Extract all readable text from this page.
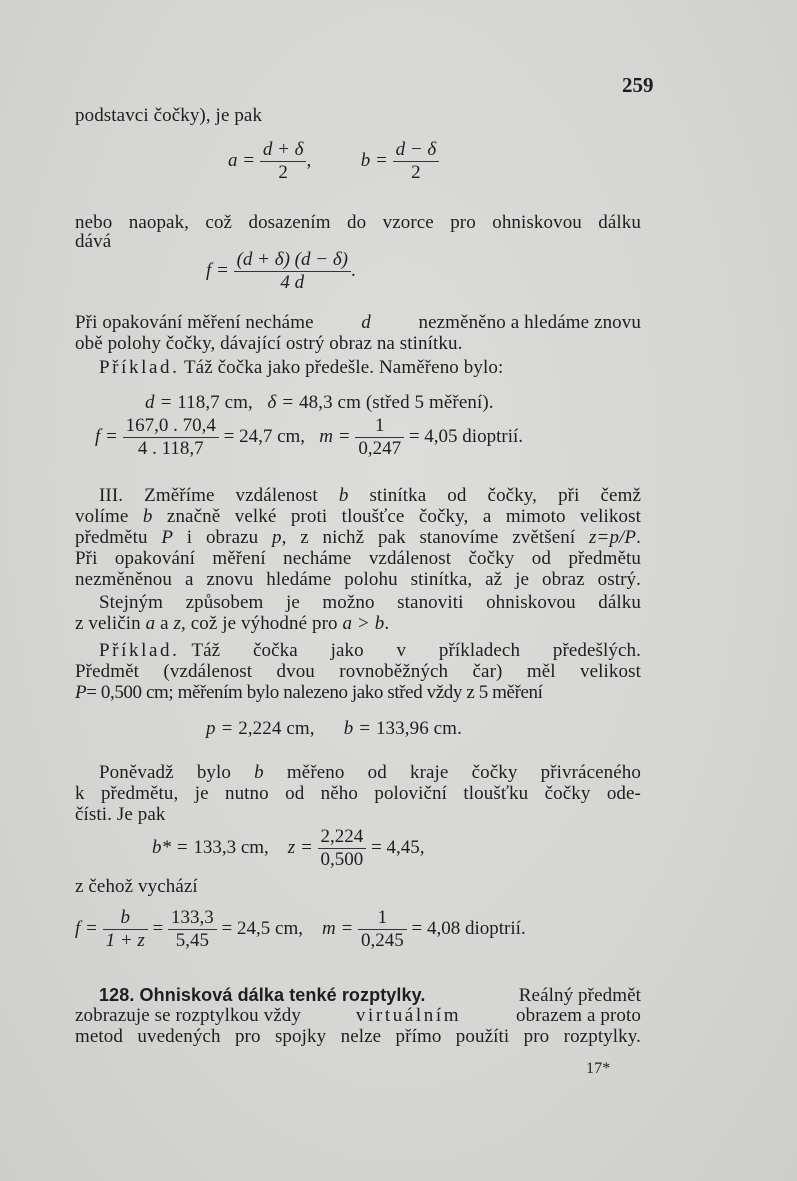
259
podstavci čočky), je pak
$a = \frac{d + \delta}{2}$ ,	$b = \frac{d - \delta}{2}$
nebo naopak, což dosazením do vzorce pro ohniskovou dálku
dává
$f = \frac{(d + \delta) (d - \delta)}{4 d}$ .
Při opakování měření necháme	d	nezměněno a hledáme znovu
obě polohy čočky, dávající ostrý obraz na stinítku.
Příklad. Táž čočka jako předešle. Naměřeno bylo:
d = 118,7 cm, δ = 48,3 cm (střed 5 měření).
$f = \frac{167,0 . 70,4}{4 . 118,7} = 24,7$ cm, $m = \frac{1}{0,247} = 4,05$ dioptrií.
III. Změříme vzdálenost b stinítka od čočky, při čemž
volíme b značně velké proti tloušťce čočky, a mimoto velikost
předmětu P i obrazu p, z nichž pak stanovíme zvětšení z=p/P.
Při opakování měření necháme vzdálenost čočky od předmětu
nezměněnou a znovu hledáme polohu stinítka, až je obraz ostrý.
Stejným způsobem je možno stanoviti ohniskovou dálku
z veličin a a z, což je výhodné pro a > b.
Příklad. Táž čočka jako v příkladech předešlých.
Předmět (vzdálenost dvou rovnoběžných čar) měl velikost
P= 0,500 cm; měřením bylo nalezeno jako střed vždy z 5 měření
p = 2,224 cm, b = 133,96 cm.
Poněvadž bylo b měřeno od kraje čočky přivráceného
k předmětu, je nutno od něho poloviční tloušťku čočky ode-
čísti. Je pak
b* = 133,3 cm, $z = \frac{2,224}{0,500} = 4,45$,
z čehož vychází
$f = \frac{b}{1 + z} = \frac{133,3}{5,45} = 24,5$ cm, $m = \frac{1}{0,245} = 4,08$ dioptrií.
128. Ohnisková dálka tenké rozptylky.	Reálný předmět
zobrazuje se rozptylkou vždy	virtuálním	obrazem a proto
metod uvedených pro spojky nelze přímo použíti pro rozptylky.
17*
